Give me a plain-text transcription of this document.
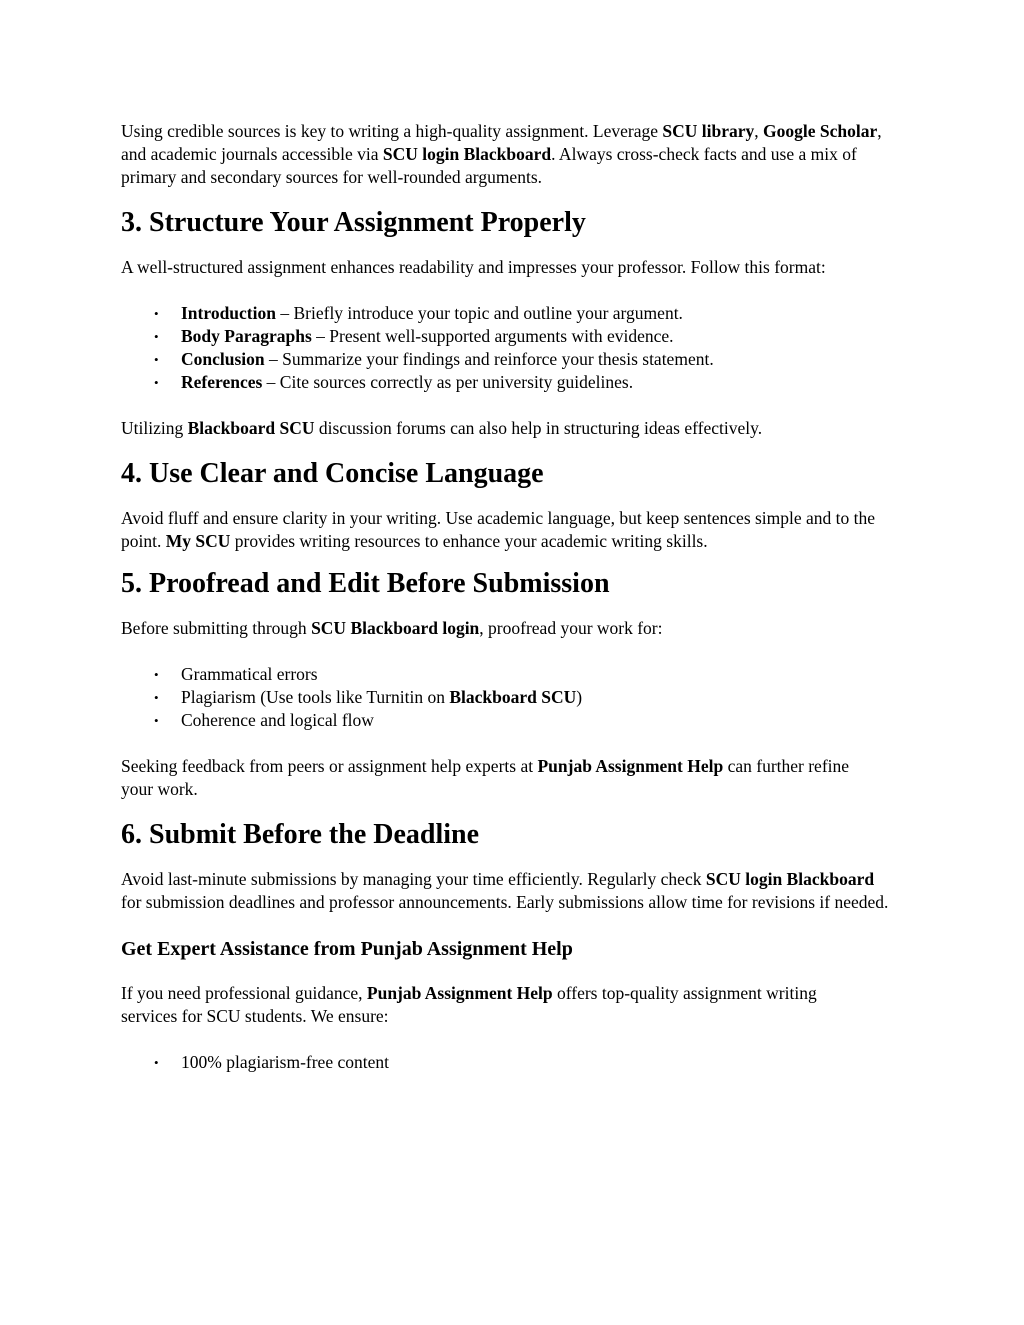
Using credible sources is key to writing a high-quality assignment. Leverage SCU library, Google Scholar, and academic journals accessible via SCU login Blackboard. Always cross-check facts and use a mix of primary and secondary sources for well-rounded arguments.

3. Structure Your Assignment Properly

A well-structured assignment enhances readability and impresses your professor. Follow this format:

• Introduction – Briefly introduce your topic and outline your argument.
• Body Paragraphs – Present well-supported arguments with evidence.
• Conclusion – Summarize your findings and reinforce your thesis statement.
• References – Cite sources correctly as per university guidelines.

Utilizing Blackboard SCU discussion forums can also help in structuring ideas effectively.

4. Use Clear and Concise Language

Avoid fluff and ensure clarity in your writing. Use academic language, but keep sentences simple and to the point. My SCU provides writing resources to enhance your academic writing skills.

5. Proofread and Edit Before Submission

Before submitting through SCU Blackboard login, proofread your work for:

• Grammatical errors
• Plagiarism (Use tools like Turnitin on Blackboard SCU)
• Coherence and logical flow

Seeking feedback from peers or assignment help experts at Punjab Assignment Help can further refine your work.

6. Submit Before the Deadline

Avoid last-minute submissions by managing your time efficiently. Regularly check SCU login Blackboard for submission deadlines and professor announcements. Early submissions allow time for revisions if needed.

Get Expert Assistance from Punjab Assignment Help

If you need professional guidance, Punjab Assignment Help offers top-quality assignment writing services for SCU students. We ensure:

• 100% plagiarism-free content
